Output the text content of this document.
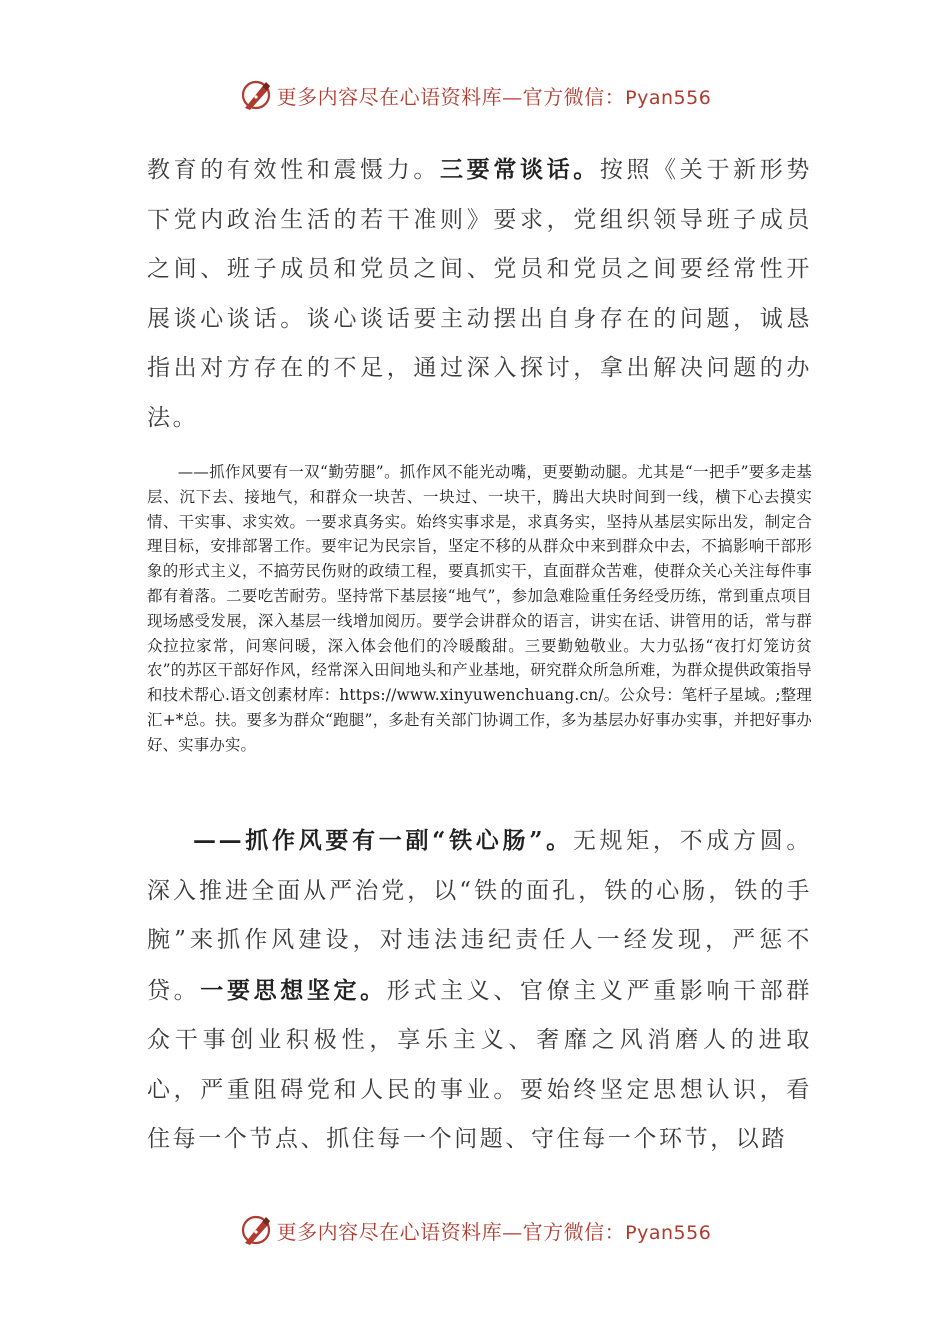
更多内容尽在心语资料库—官方微信：Pyan556

教育的有效性和震慑力。三要常谈话。按照《关于新形势下党内政治生活的若干准则》要求，党组织领导班子成员之间、班子成员和党员之间、党员和党员之间要经常性开展谈心谈话。谈心谈话要主动摆出自身存在的问题，诚恳指出对方存在的不足，通过深入探讨，拿出解决问题的办法。

——抓作风要有一双“勤劳腿”。抓作风不能光动嘴，更要勤动腿。尤其是“一把手”要多走基层、沉下去、接地气，和群众一块苦、一块过、一块干，腾出大块时间到一线，横下心去摸实情、干实事、求实效。一要求真务实。始终实事求是，求真务实，坚持从基层实际出发，制定合理目标，安排部署工作。要牢记为民宗旨，坚定不移的从群众中来到群众中去，不搞影响干部形象的形式主义，不搞劳民伤财的政绩工程，要真抓实干，直面群众苦难，使群众关心关注每件事都有着落。二要吃苦耐劳。坚持常下基层接“地气”，参加急难险重任务经受历练，常到重点项目现场感受发展，深入基层一线增加阅历。要学会讲群众的语言，讲实在话、讲管用的话，常与群众拉拉家常，问寒问暖，深入体会他们的冷暖酸甜。三要勤勉敬业。大力弘扬“夜打灯笼访贫农”的苏区干部好作风，经常深入田间地头和产业基地，研究群众所急所难，为群众提供政策指导和技术帮心.语文创素材库：https://www.xinyuwenchuang.cn/。公众号：笔杆子星域。;整理汇+*总。扶。要多为群众“跑腿”，多赴有关部门协调工作，多为基层办好事办实事，并把好事办好、实事办实。

——抓作风要有一副“铁心肠”。无规矩，不成方圆。深入推进全面从严治党，以“铁的面孔，铁的心肠，铁的手腕”来抓作风建设，对违法违纪责任人一经发现，严惩不贷。一要思想坚定。形式主义、官僚主义严重影响干部群众干事创业积极性，享乐主义、奢靡之风消磨人的进取心，严重阻碍党和人民的事业。要始终坚定思想认识，看住每一个节点、抓住每一个问题、守住每一个环节，以踏

更多内容尽在心语资料库—官方微信：Pyan556
